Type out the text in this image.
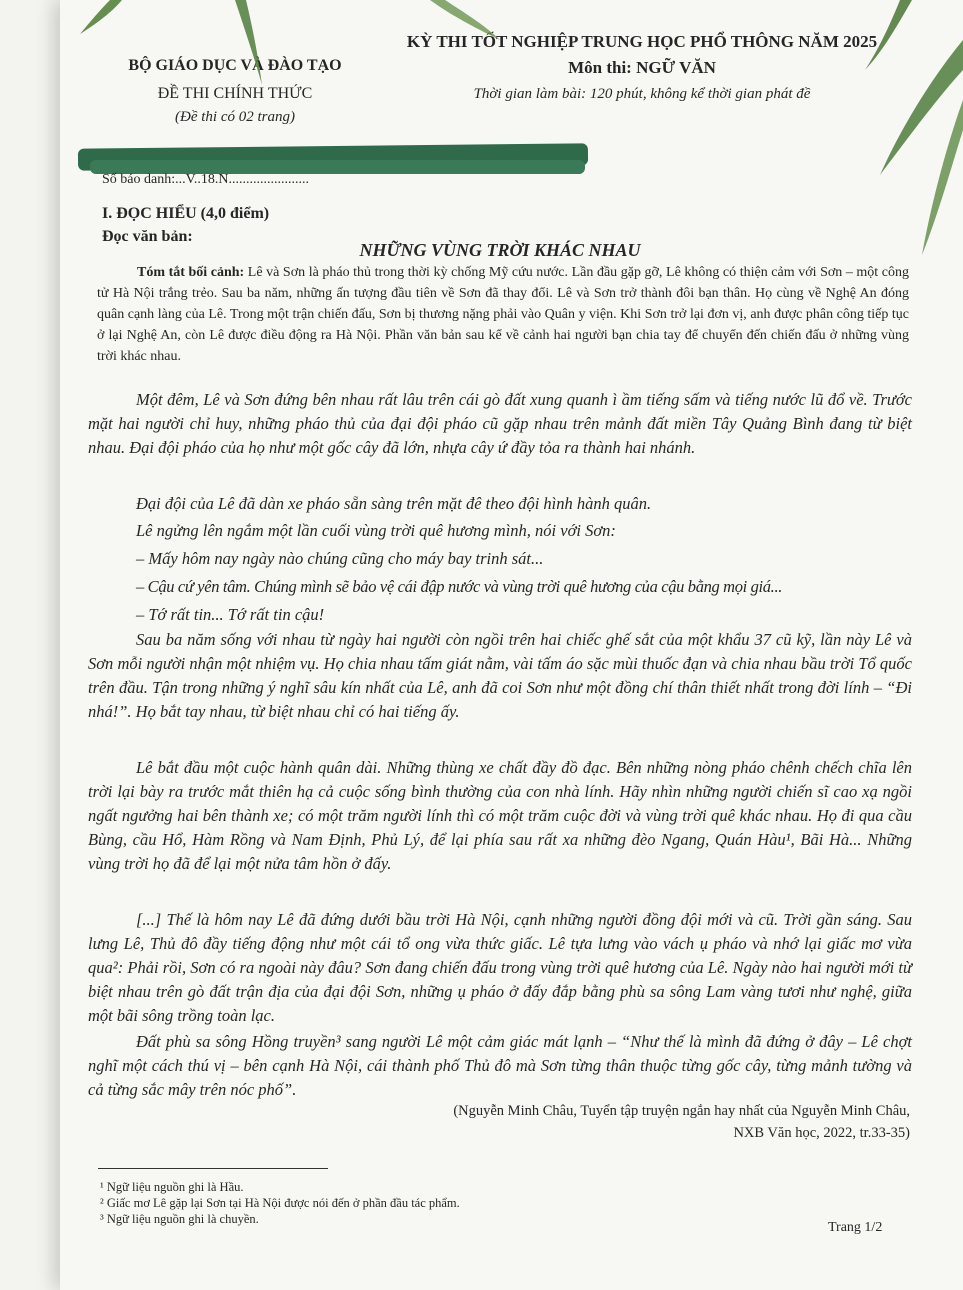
BỘ GIÁO DỤC VÀ ĐÀO TẠO
ĐỀ THI CHÍNH THỨC
(Đề thi có 02 trang)
KỲ THI TỐT NGHIỆP TRUNG HỌC PHỔ THÔNG NĂM 2025
Môn thi: NGỮ VĂN
Thời gian làm bài: 120 phút, không kể thời gian phát đề
Số báo danh:...V..18.N.......................
I. ĐỌC HIỂU (4,0 điểm)
Đọc văn bản:
NHỮNG VÙNG TRỜI KHÁC NHAU
Tóm tắt bối cảnh: Lê và Sơn là pháo thủ trong thời kỳ chống Mỹ cứu nước. Lần đầu gặp gỡ, Lê không có thiện cảm với Sơn – một công tử Hà Nội trắng trẻo. Sau ba năm, những ấn tượng đầu tiên về Sơn đã thay đổi. Lê và Sơn trở thành đôi bạn thân. Họ cùng về Nghệ An đóng quân cạnh làng của Lê. Trong một trận chiến đấu, Sơn bị thương nặng phải vào Quân y viện. Khi Sơn trở lại đơn vị, anh được phân công tiếp tục ở lại Nghệ An, còn Lê được điều động ra Hà Nội. Phần văn bản sau kể về cảnh hai người bạn chia tay để chuyển đến chiến đấu ở những vùng trời khác nhau.
Một đêm, Lê và Sơn đứng bên nhau rất lâu trên cái gò đất xung quanh ì ầm tiếng sấm và tiếng nước lũ đổ về. Trước mặt hai người chỉ huy, những pháo thủ của đại đội pháo cũ gặp nhau trên mảnh đất miền Tây Quảng Bình đang từ biệt nhau. Đại đội pháo của họ như một gốc cây đã lớn, nhựa cây ứ đầy tỏa ra thành hai nhánh.
Đại đội của Lê đã dàn xe pháo sẵn sàng trên mặt đê theo đội hình hành quân.
Lê ngửng lên ngắm một lần cuối vùng trời quê hương mình, nói với Sơn:
– Mấy hôm nay ngày nào chúng cũng cho máy bay trinh sát...
– Cậu cứ yên tâm. Chúng mình sẽ bảo vệ cái đập nước và vùng trời quê hương của cậu bằng mọi giá...
– Tớ rất tin... Tớ rất tin cậu!
Sau ba năm sống với nhau từ ngày hai người còn ngồi trên hai chiếc ghế sắt của một khẩu 37 cũ kỹ, lần này Lê và Sơn mỗi người nhận một nhiệm vụ. Họ chia nhau tấm giát nằm, vài tấm áo sặc mùi thuốc đạn và chia nhau bầu trời Tổ quốc trên đầu. Tận trong những ý nghĩ sâu kín nhất của Lê, anh đã coi Sơn như một đồng chí thân thiết nhất trong đời lính – “Đi nhá!”. Họ bắt tay nhau, từ biệt nhau chỉ có hai tiếng ấy.
Lê bắt đầu một cuộc hành quân dài. Những thùng xe chất đầy đồ đạc. Bên những nòng pháo chênh chếch chĩa lên trời lại bày ra trước mắt thiên hạ cả cuộc sống bình thường của con nhà lính. Hãy nhìn những người chiến sĩ cao xạ ngồi ngất ngưởng hai bên thành xe; có một trăm người lính thì có một trăm cuộc đời và vùng trời quê khác nhau. Họ đi qua cầu Bùng, cầu Hổ, Hàm Rồng và Nam Định, Phủ Lý, để lại phía sau rất xa những đèo Ngang, Quán Hàu¹, Bãi Hà... Những vùng trời họ đã để lại một nửa tâm hồn ở đấy.
[...] Thế là hôm nay Lê đã đứng dưới bầu trời Hà Nội, cạnh những người đồng đội mới và cũ. Trời gần sáng. Sau lưng Lê, Thủ đô đầy tiếng động như một cái tổ ong vừa thức giấc. Lê tựa lưng vào vách ụ pháo và nhớ lại giấc mơ vừa qua²: Phải rồi, Sơn có ra ngoài này đâu? Sơn đang chiến đấu trong vùng trời quê hương của Lê. Ngày nào hai người mới từ biệt nhau trên gò đất trận địa của đại đội Sơn, những ụ pháo ở đấy đắp bằng phù sa sông Lam vàng tươi như nghệ, giữa một bãi sông trồng toàn lạc.
Đất phù sa sông Hồng truyền³ sang người Lê một cảm giác mát lạnh – “Như thế là mình đã đứng ở đây – Lê chợt nghĩ một cách thú vị – bên cạnh Hà Nội, cái thành phố Thủ đô mà Sơn từng thân thuộc từng gốc cây, từng mảnh tường và cả từng sắc mây trên nóc phố”.
(Nguyễn Minh Châu, Tuyển tập truyện ngắn hay nhất của Nguyễn Minh Châu,
NXB Văn học, 2022, tr.33-35)
¹ Ngữ liệu nguồn ghi là Hầu.
² Giấc mơ Lê gặp lại Sơn tại Hà Nội được nói đến ở phần đầu tác phẩm.
³ Ngữ liệu nguồn ghi là chuyền.
Trang 1/2
